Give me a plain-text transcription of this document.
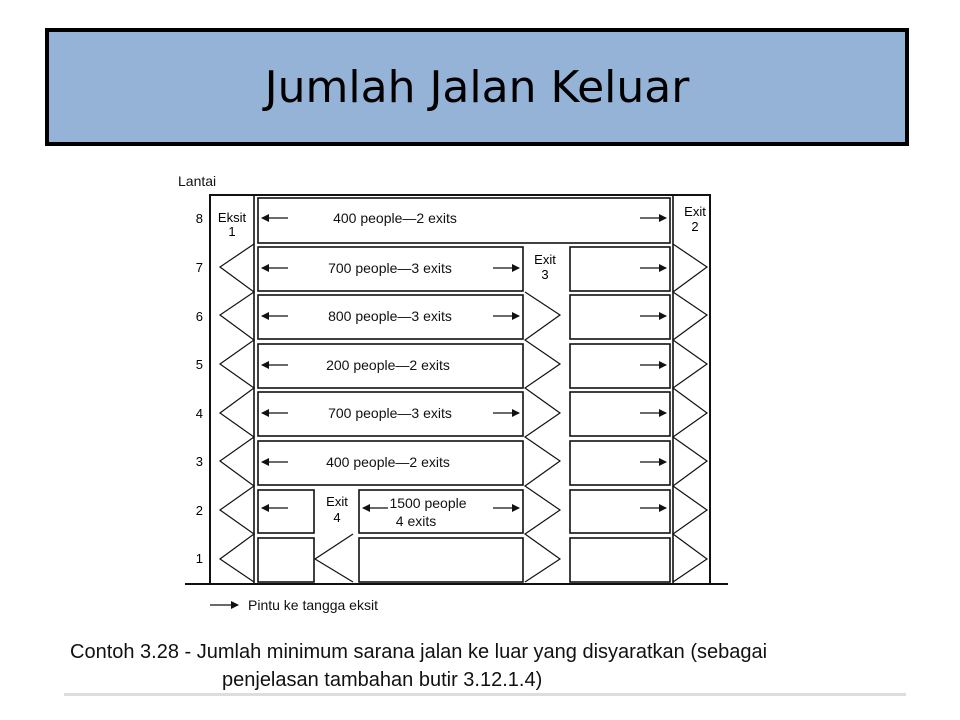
Jumlah Jalan Keluar
Lantai
8
7
6
5
4
3
2
1
Eksit
1
Exit
2
Exit
3
Exit
4
400 people—2 exits
700 people—3 exits
800 people—3 exits
200 people—2 exits
700 people—3 exits
400 people—2 exits
1500 people
4 exits
Pintu ke tangga eksit
Contoh 3.28 - Jumlah minimum sarana jalan ke luar yang disyaratkan (sebagai
penjelasan tambahan butir 3.12.1.4)
